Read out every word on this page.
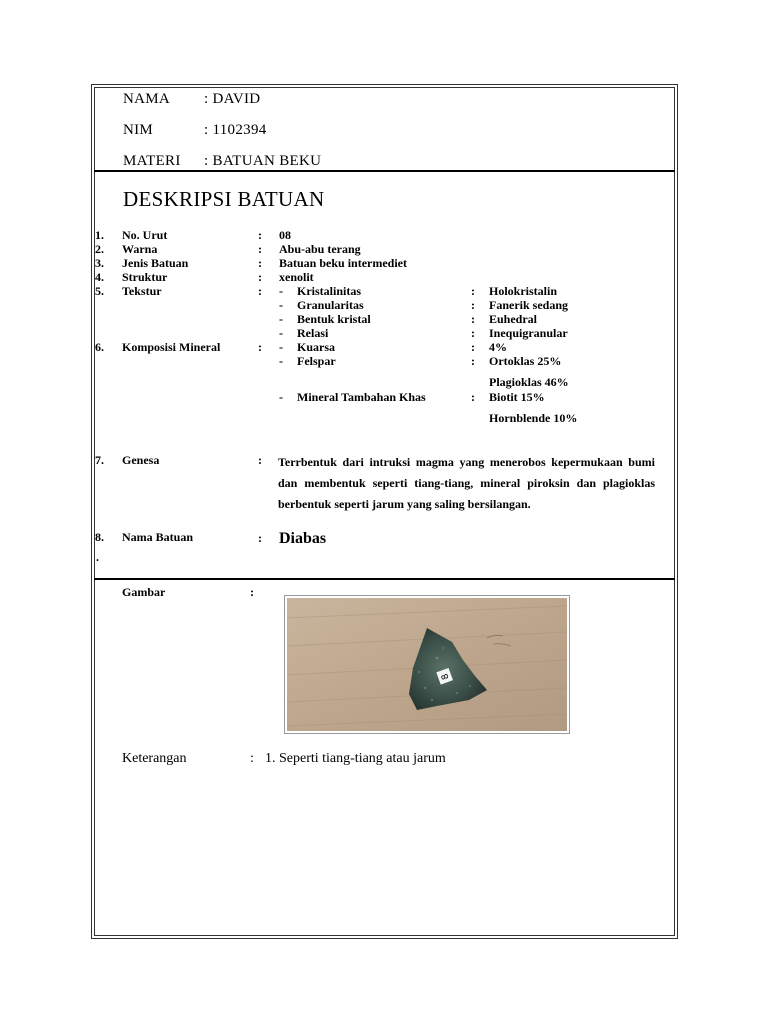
NAMA : DAVID
NIM	: 1102394
MATERI : BATUAN BEKU
DESKRIPSI BATUAN
1. No. Urut	: 08
2. Warna	: Abu-abu terang
3. Jenis Batuan	: Batuan beku intermediet
4. Struktur	: xenolit
5. Tekstur	: - Kristalinitas	: Holokristalin
- Granularitas	: Fanerik sedang
- Bentuk kristal	: Euhedral
- Relasi	: Inequigranular
6. Komposisi Mineral	: - Kuarsa	: 4%
- Felspar	: Ortoklas 25%
Plagioklas 46%
- Mineral Tambahan Khas	: Biotit 15%
Hornblende 10%
7. Genesa	: Terrbentuk dari intruksi magma yang menerobos kepermukaan bumi dan membentuk seperti tiang-tiang, mineral piroksin dan plagioklas berbentuk seperti jarum yang saling bersilangan.
8.
.
Nama Batuan	: Diabas
Gambar	:
8
Keterangan	: 1. Seperti tiang-tiang atau jarum
